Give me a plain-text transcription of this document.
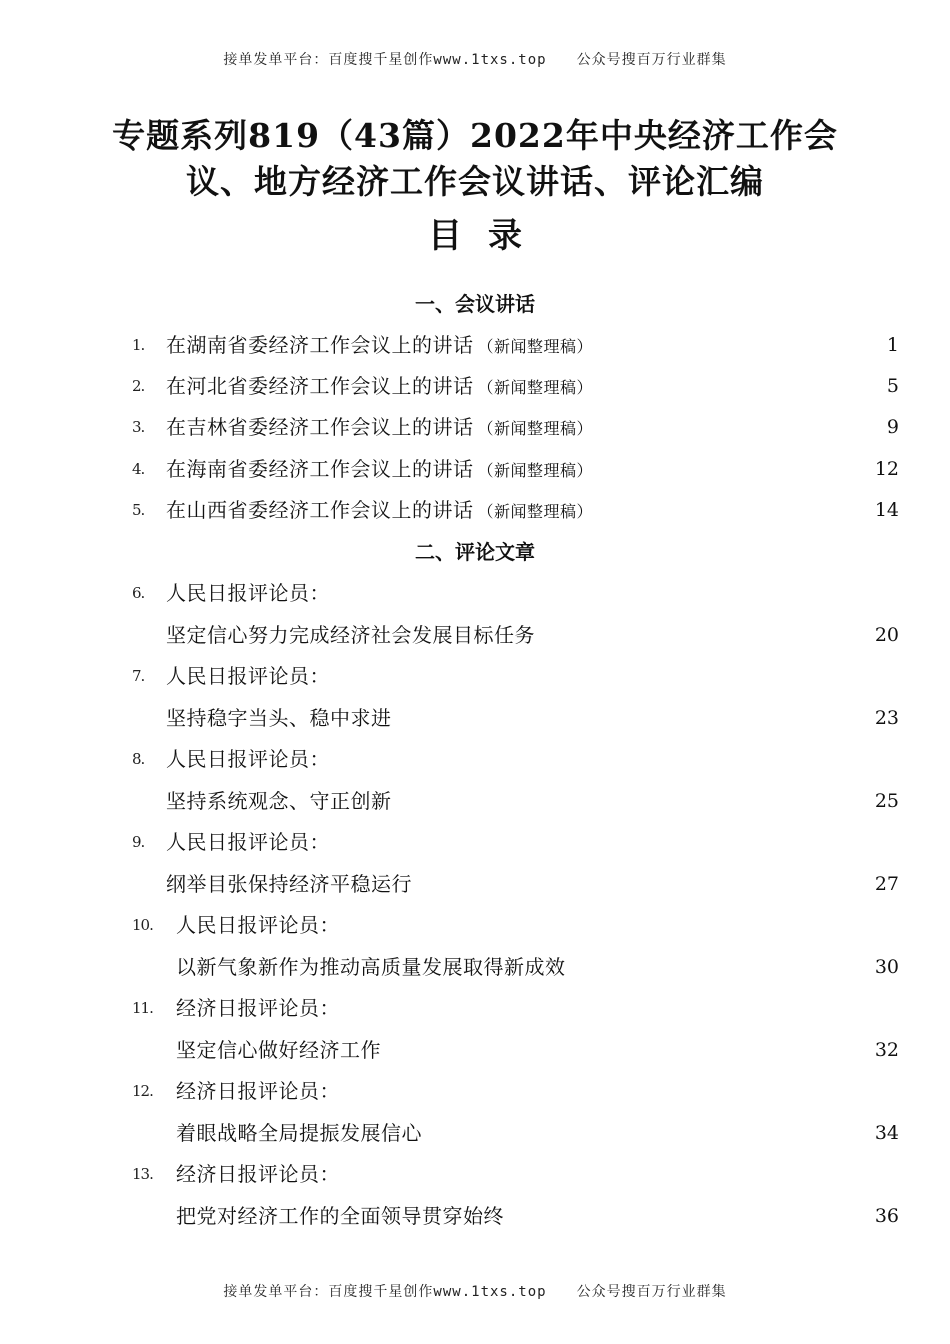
接单发单平台：百度搜千星创作www.1txs.top 公众号搜百万行业群集
专题系列819（43篇）2022年中央经济工作会
议、地方经济工作会议讲话、评论汇编
目录
一、会议讲话
1. 在湖南省委经济工作会议上的讲话 （新闻整理稿）	1
2. 在河北省委经济工作会议上的讲话 （新闻整理稿）	5
3. 在吉林省委经济工作会议上的讲话 （新闻整理稿）	9
4. 在海南省委经济工作会议上的讲话 （新闻整理稿）	12
5. 在山西省委经济工作会议上的讲话 （新闻整理稿）	14
二、评论文章
6. 人民日报评论员：
坚定信心努力完成经济社会发展目标任务	20
7. 人民日报评论员：
坚持稳字当头、稳中求进	23
8. 人民日报评论员：
坚持系统观念、守正创新	25
9. 人民日报评论员：
纲举目张保持经济平稳运行	27
10. 人民日报评论员：
以新气象新作为推动高质量发展取得新成效	30
11. 经济日报评论员：
坚定信心做好经济工作	32
12. 经济日报评论员：
着眼战略全局提振发展信心	34
13. 经济日报评论员：
把党对经济工作的全面领导贯穿始终	36
接单发单平台：百度搜千星创作www.1txs.top 公众号搜百万行业群集
